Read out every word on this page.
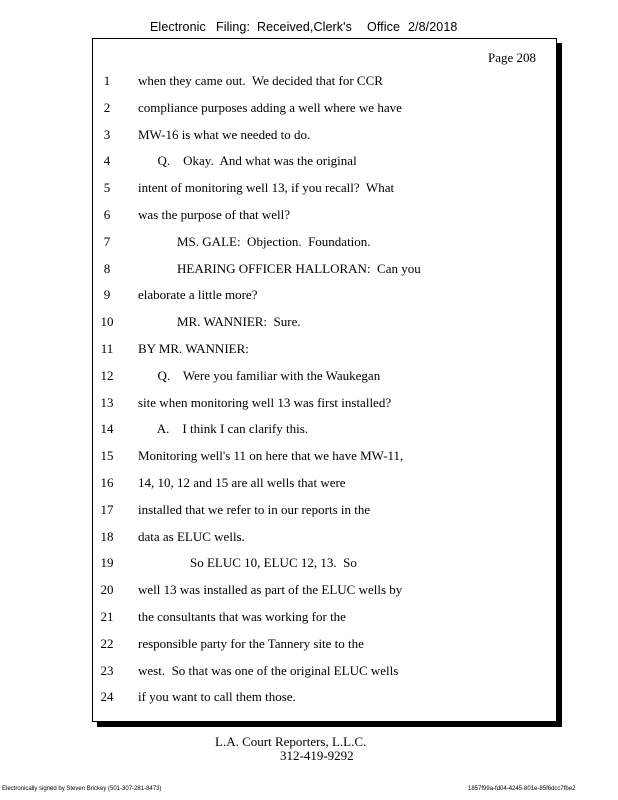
Electronic Filing: Received,Clerk's Office 2/8/2018
Page 208
1	when they came out.  We decided that for CCR
2	compliance purposes adding a well where we have
3	MW-16 is what we needed to do.
4	Q.    Okay.  And what was the original
5	intent of monitoring well 13, if you recall?  What
6	was the purpose of that well?
7	MS. GALE:  Objection.  Foundation.
8	HEARING OFFICER HALLORAN:  Can you
9	elaborate a little more?
10	MR. WANNIER:  Sure.
11	BY MR. WANNIER:
12	Q.    Were you familiar with the Waukegan
13	site when monitoring well 13 was first installed?
14	A.    I think I can clarify this.
15	Monitoring well's 11 on here that we have MW-11,
16	14, 10, 12 and 15 are all wells that were
17	installed that we refer to in our reports in the
18	data as ELUC wells.
19	So ELUC 10, ELUC 12, 13.  So
20	well 13 was installed as part of the ELUC wells by
21	the consultants that was working for the
22	responsible party for the Tannery site to the
23	west.  So that was one of the original ELUC wells
24	if you want to call them those.
L.A. Court Reporters, L.L.C.
312-419-9292
Electronically signed by Steven Brickey (501-307-281-8473)	1857f99a-fd04-4245-801e-85f6dcc7fbe2
